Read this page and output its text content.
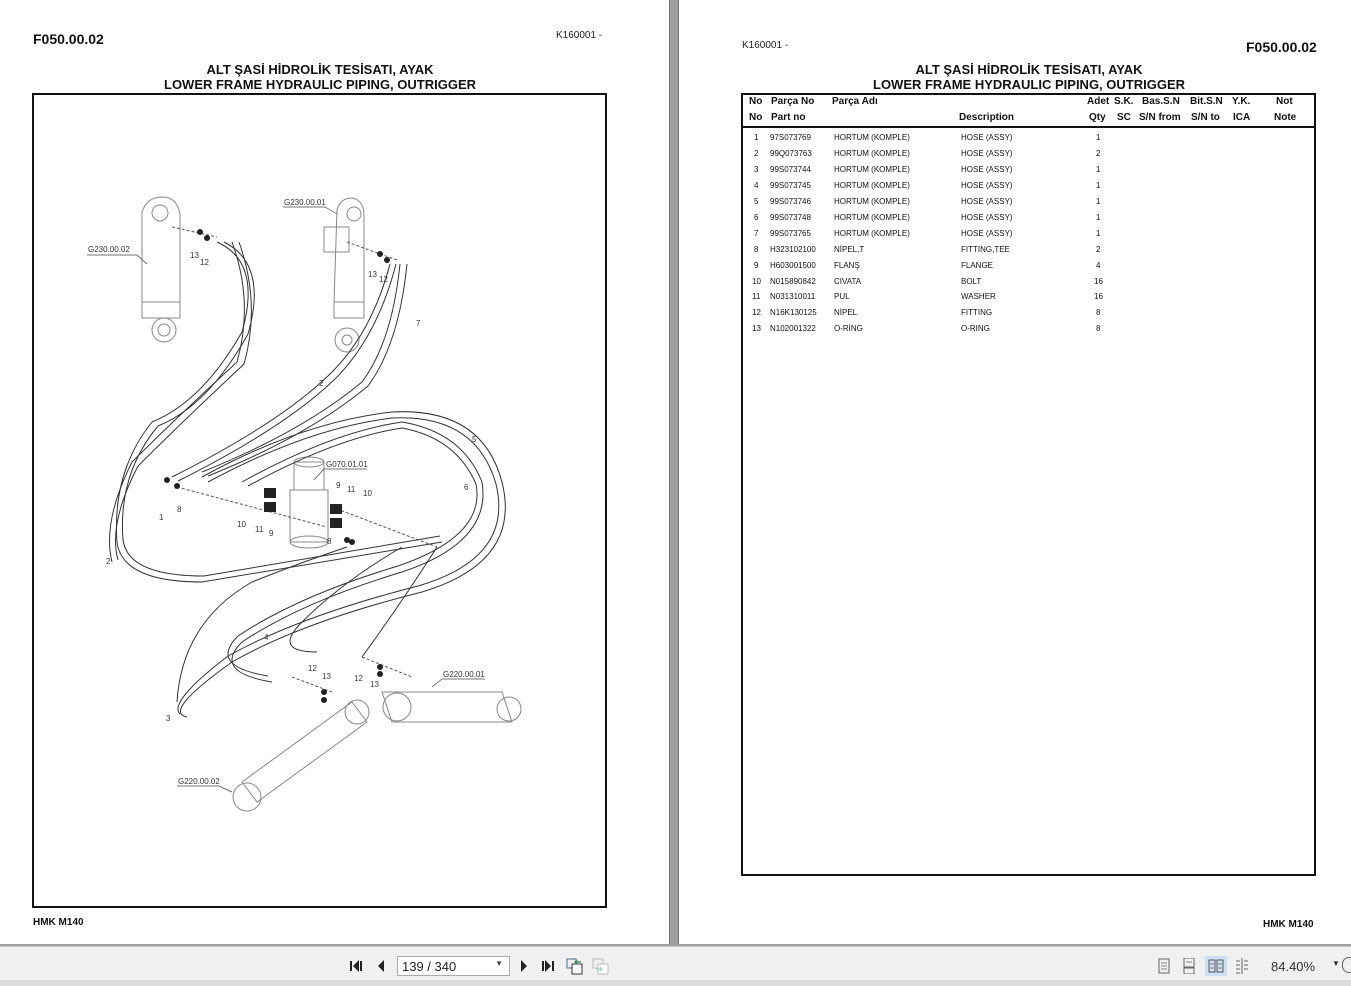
F050.00.02	K160001 -
ALT ŞASİ HİDROLİK TESİSATI, AYAK
LOWER FRAME HYDRAULIC PIPING, OUTRIGGER
G230.00.02
G230.00.01
G070.01.01
G220.00.01
G220.00.02
13
12
13
12
7
2
5
6
1
2
8
10
11 9
9 11 10
8
4
3
12
13	12
13
HMK M140
K160001 -	F050.00.02
ALT ŞASİ HİDROLİK TESİSATI, AYAK
LOWER FRAME HYDRAULIC PIPING, OUTRIGGER
HMK M140
No Parça No Parça Adı	Adet S.K. Bas.S.N Bit.S.N Y.K.	Not
No Part no	Description	Qty SC S/N from S/N to ICA Note
1 97S073769	HORTUM (KOMPLE)	HOSE (ASSY)	1
2 99Q073763	HORTUM (KOMPLE)	HOSE (ASSY)	2
3 99S073744	HORTUM (KOMPLE)	HOSE (ASSY)	1
4 99S073745	HORTUM (KOMPLE)	HOSE (ASSY)	1
5 99S073746	HORTUM (KOMPLE)	HOSE (ASSY)	1
6 99S073748	HORTUM (KOMPLE)	HOSE (ASSY)	1
7 99S073765	HORTUM (KOMPLE)	HOSE (ASSY)	1
8 H323102100 NİPEL,T	FITTING,TEE	2
9 H603001500 FLANŞ	FLANGE	4
10 N015890842 CIVATA	BOLT	16
11 N031310011 PUL	WASHER	16
12 N16K130125 NİPEL	FITTING	8
13 N102001322 O-RİNG	O-RING	8
139 / 340	▼	84.40% ▼
